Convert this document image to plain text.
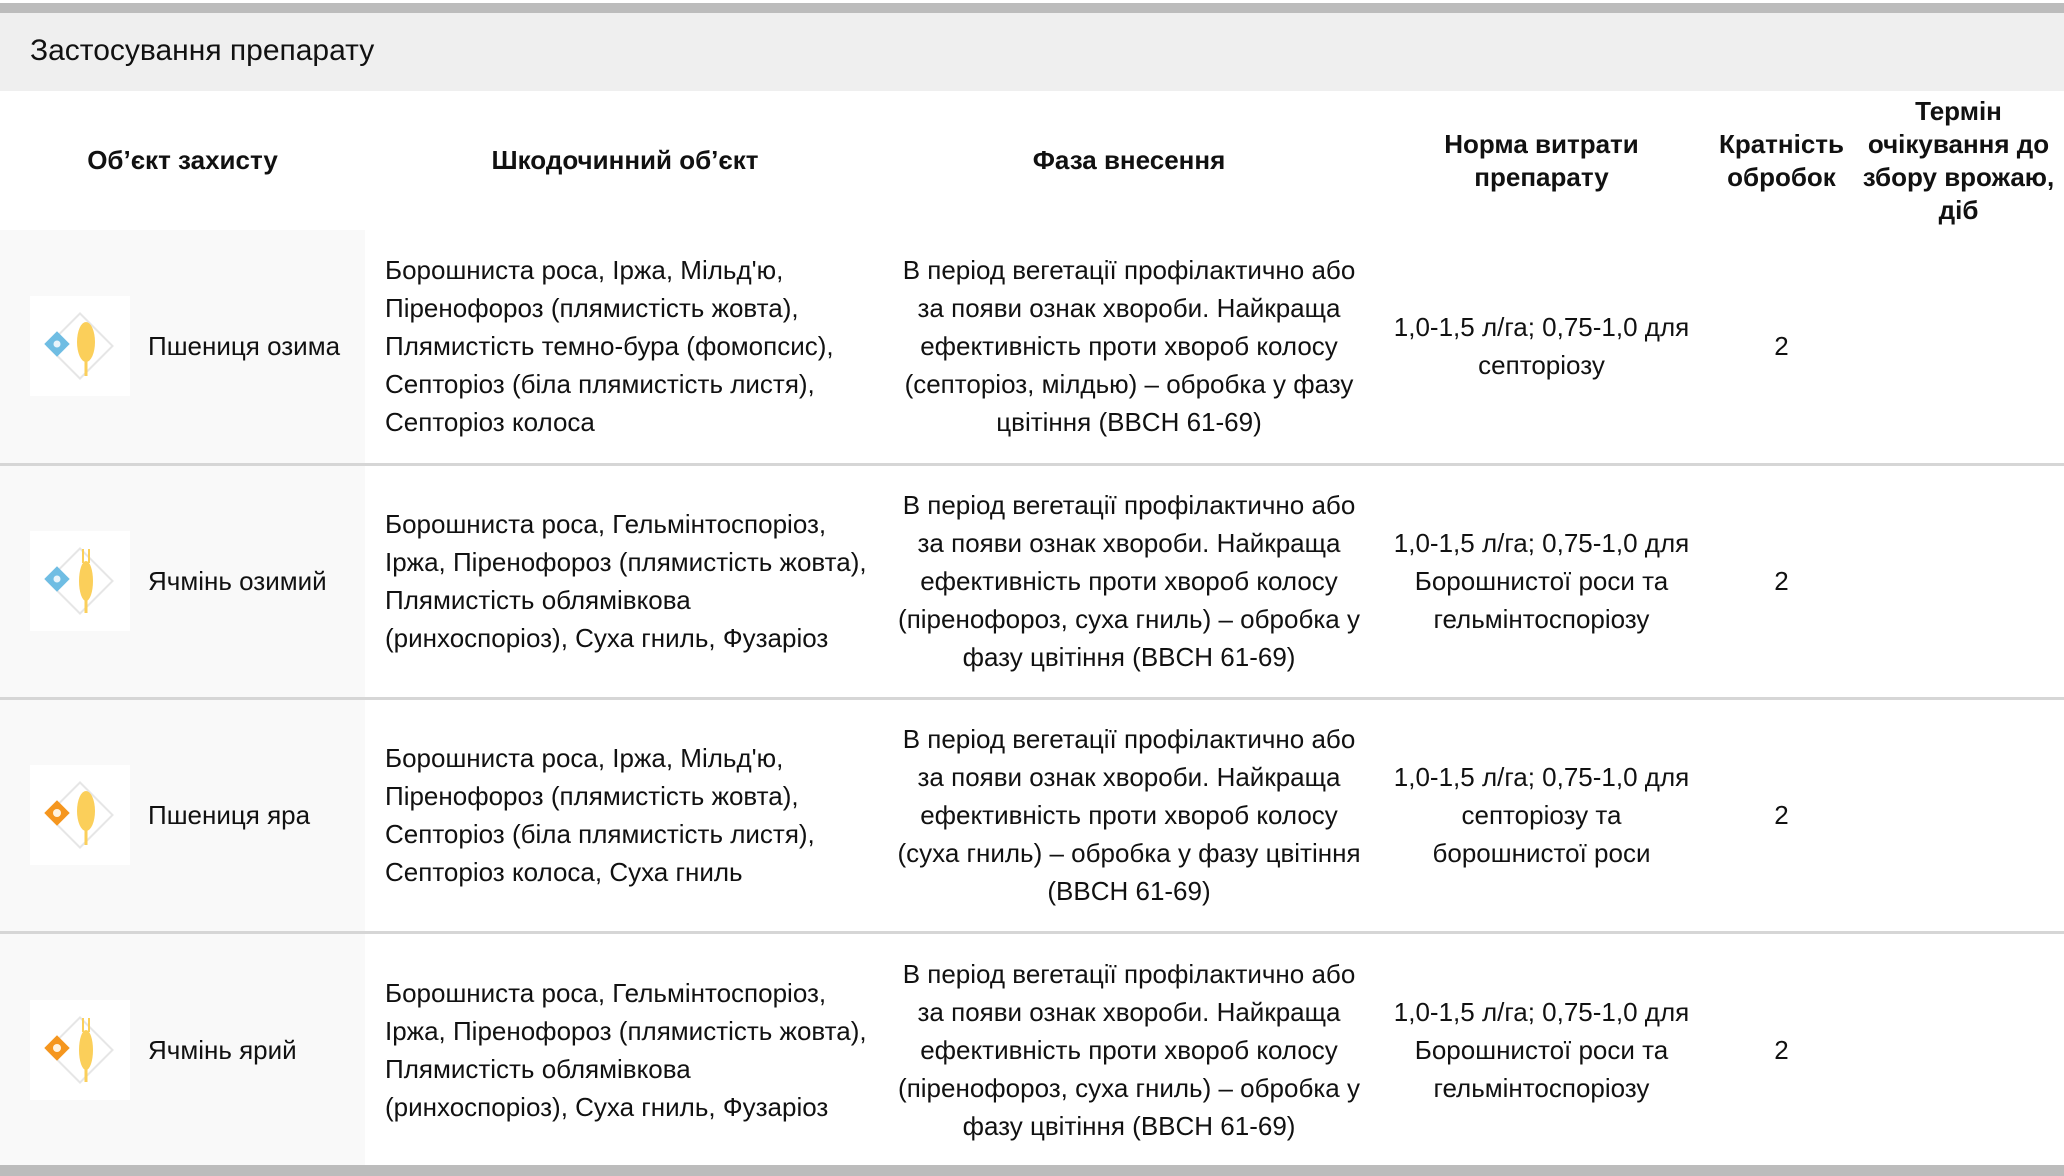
Застосування препарату
Об’єкт захисту	Шкодочинний об’єкт	Фаза внесення	Норма витрати препарату	Кратність обробок	Термін очікування до збору врожаю, діб

Пшениця озима	Борошниста роса, Іржа, Мільд'ю, Піренофороз (плямистість жовта), Плямистість темно-бура (фомопсис), Септоріоз (біла плямистість листя), Септоріоз колоса	В період вегетації профілактично або за появи ознак хвороби. Найкраща ефективність проти хвороб колосу (септоріоз, мілдью) – обробка у фазу цвітіння (BBCH 61-69)	1,0-1,5 л/га; 0,75-1,0 для септоріозу	2	

Ячмінь озимий	Борошниста роса, Гельмінтоспоріоз, Іржа, Піренофороз (плямистість жовта), Плямистість облямівкова (ринхоспоріоз), Суха гниль, Фузаріоз	В період вегетації профілактично або за появи ознак хвороби. Найкраща ефективність проти хвороб колосу (піренофороз, суха гниль) – обробка у фазу цвітіння (BBCH 61-69)	1,0-1,5 л/га; 0,75-1,0 для Борошнистої роси та гельмінтоспоріозу	2	

Пшениця яра	Борошниста роса, Іржа, Мільд'ю, Піренофороз (плямистість жовта), Септоріоз (біла плямистість листя), Септоріоз колоса, Суха гниль	В період вегетації профілактично або за появи ознак хвороби. Найкраща ефективність проти хвороб колосу (суха гниль) – обробка у фазу цвітіння (BBCH 61-69)	1,0-1,5 л/га; 0,75-1,0 для септоріозу та борошнистої роси	2	

Ячмінь ярий	Борошниста роса, Гельмінтоспоріоз, Іржа, Піренофороз (плямистість жовта), Плямистість облямівкова (ринхоспоріоз), Суха гниль, Фузаріоз	В період вегетації профілактично або за появи ознак хвороби. Найкраща ефективність проти хвороб колосу (піренофороз, суха гниль) – обробка у фазу цвітіння (BBCH 61-69)	1,0-1,5 л/га; 0,75-1,0 для Борошнистої роси та гельмінтоспоріозу	2	
